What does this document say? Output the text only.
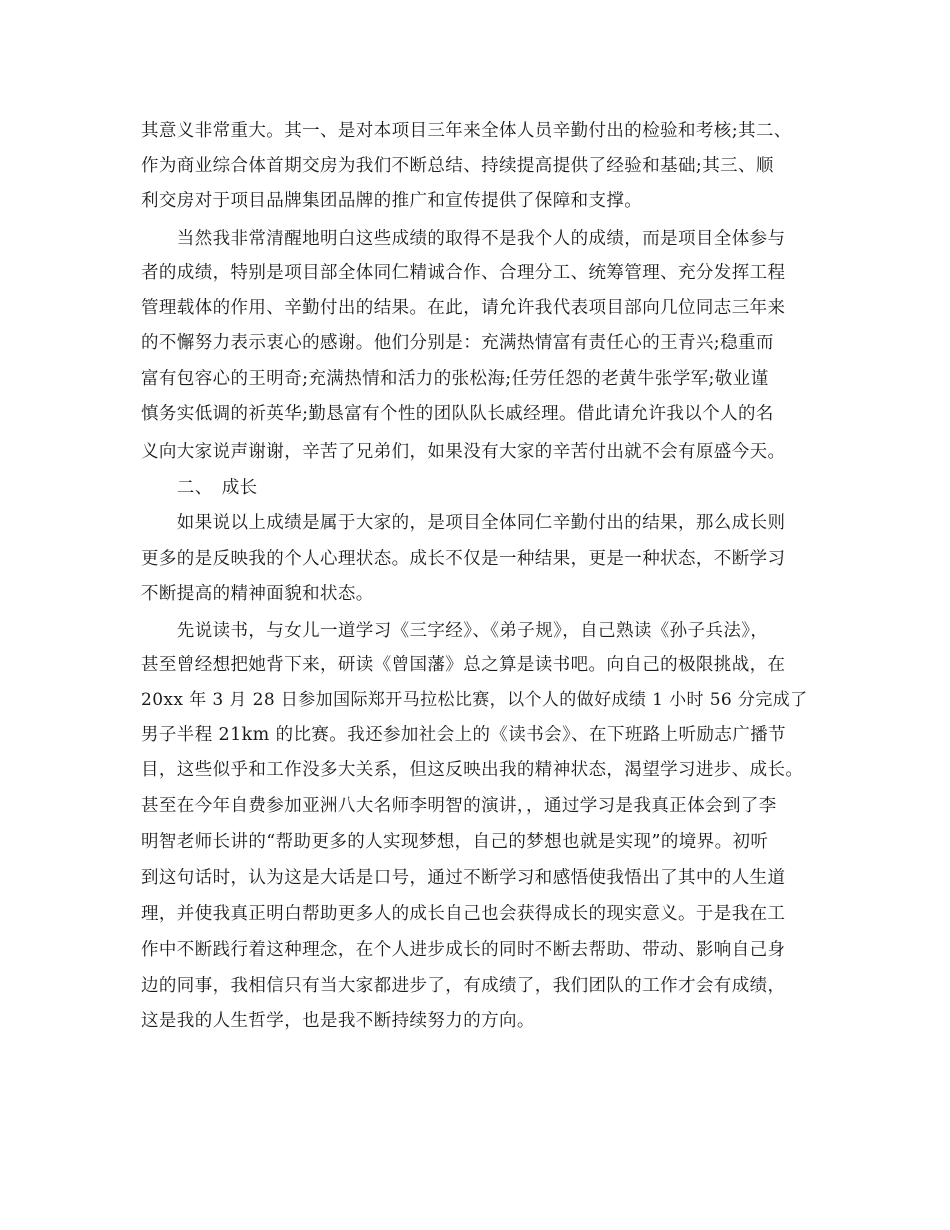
其意义非常重大。其一、是对本项目三年来全体人员辛勤付出的检验和考核;其二、
作为商业综合体首期交房为我们不断总结、持续提高提供了经验和基础;其三、顺
利交房对于项目品牌集团品牌的推广和宣传提供了保障和支撑。
　　当然我非常清醒地明白这些成绩的取得不是我个人的成绩，而是项目全体参与
者的成绩，特别是项目部全体同仁精诚合作、合理分工、统筹管理、充分发挥工程
管理载体的作用、辛勤付出的结果。在此，请允许我代表项目部向几位同志三年来
的不懈努力表示衷心的感谢。他们分别是：充满热情富有责任心的王青兴;稳重而
富有包容心的王明奇;充满热情和活力的张松海;任劳任怨的老黄牛张学军;敬业谨
慎务实低调的祈英华;勤恳富有个性的团队队长戚经理。借此请允许我以个人的名
义向大家说声谢谢，辛苦了兄弟们，如果没有大家的辛苦付出就不会有原盛今天。
　　二、　成长
　　如果说以上成绩是属于大家的，是项目全体同仁辛勤付出的结果，那么成长则
更多的是反映我的个人心理状态。成长不仅是一种结果，更是一种状态，不断学习
不断提高的精神面貌和状态。
　　先说读书，与女儿一道学习《三字经》、《弟子规》，自己熟读《孙子兵法》，
甚至曾经想把她背下来，研读《曾国藩》总之算是读书吧。向自己的极限挑战，在
20xx 年 3 月 28 日参加国际郑开马拉松比赛，以个人的做好成绩 1 小时 56 分完成了
男子半程 21km 的比赛。我还参加社会上的《读书会》、在下班路上听励志广播节
目，这些似乎和工作没多大关系，但这反映出我的精神状态，渴望学习进步、成长。
甚至在今年自费参加亚洲八大名师李明智的演讲，，通过学习是我真正体会到了李
明智老师长讲的“帮助更多的人实现梦想，自己的梦想也就是实现”的境界。初听
到这句话时，认为这是大话是口号，通过不断学习和感悟使我悟出了其中的人生道
理，并使我真正明白帮助更多人的成长自己也会获得成长的现实意义。于是我在工
作中不断践行着这种理念，在个人进步成长的同时不断去帮助、带动、影响自己身
边的同事，我相信只有当大家都进步了，有成绩了，我们团队的工作才会有成绩，
这是我的人生哲学，也是我不断持续努力的方向。
